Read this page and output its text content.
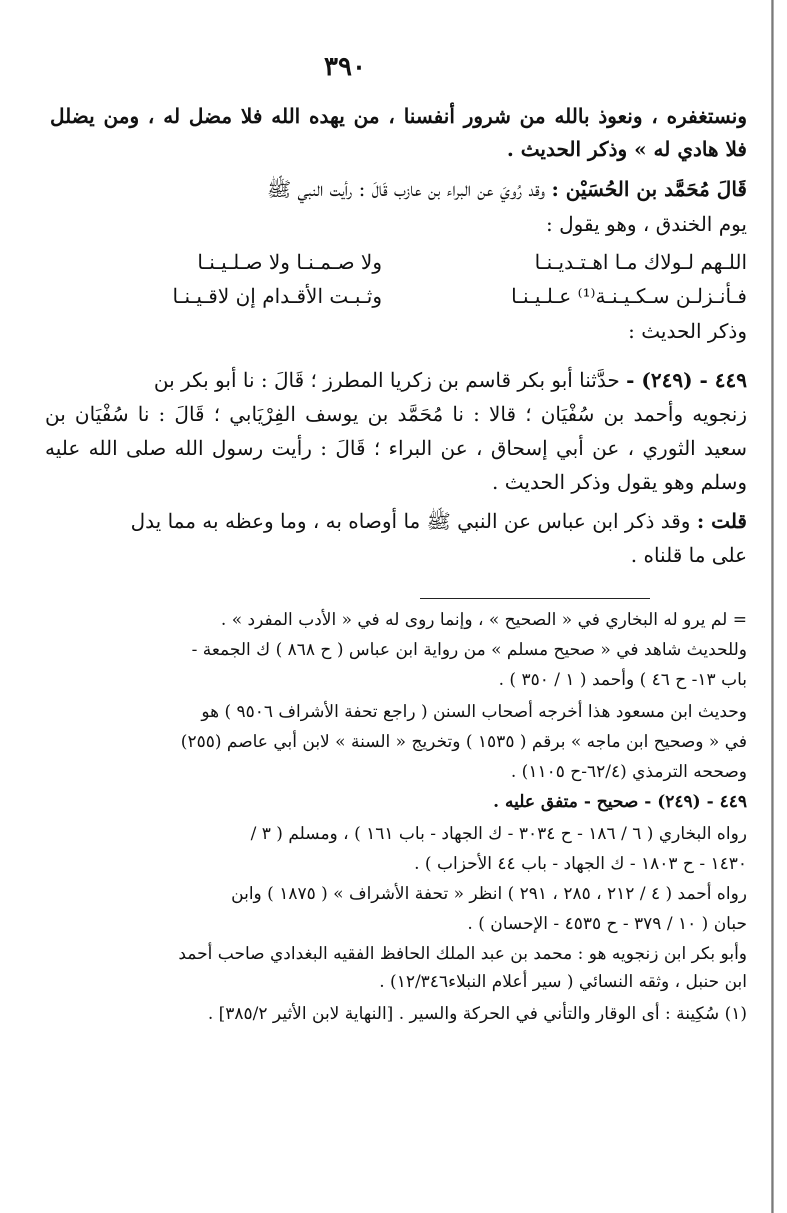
٣٩٠
ونستغفره ، ونعوذ بالله من شرور أنفسنا ، من يهده الله فلا مضل له ، ومن يضلل
فلا هادي له » وذكر الحديث .
قَالَ مُحَمَّد بن الحُسَيْن : وقد رُويَ عن البراء بن عازب قَالَ : رأيت النبي ﷺ
يوم الخندق ، وهو يقول :
اللـهم لـولاك مـا اهـتـديـنـا
ولا صـمـنـا ولا صـلـيـنـا
فـأنـزلـن سـكـيـنـة⁽¹⁾ عـلـيـنـا
وثـبـت الأقـدام إن لاقـيـنـا
وذكر الحديث :
٤٤٩ - (٢٤٩) - حدَّثنا أبو بكر قاسم بن زكريا المطرز ؛ قَالَ : نا أبو بكر بن
زنجويه وأحمد بن سُفْيَان ؛ قالا : نا مُحَمَّد بن يوسف الفِرْيَابي ؛ قَالَ : نا سُفْيَان بن
سعيد الثوري ، عن أبي إسحاق ، عن البراء ؛ قَالَ : رأيت رسول الله صلى الله عليه
وسلم وهو يقول وذكر الحديث .
قلت : وقد ذكر ابن عباس عن النبي ﷺ ما أوصاه به ، وما وعظه به مما يدل
على ما قلناه .
= لم يرو له البخاري في « الصحيح » ، وإنما روى له في « الأدب المفرد » .
وللحديث شاهد في « صحيح مسلم » من رواية ابن عباس ( ح ٨٦٨ ) ك الجمعة -
باب ١٣- ح ٤٦ ) وأحمد ( ١ / ٣٥٠ ) .
وحديث ابن مسعود هذا أخرجه أصحاب السنن ( راجع تحفة الأشراف ٩٥٠٦ ) هو
في « وصحيح ابن ماجه » برقم ( ١٥٣٥ ) وتخريج « السنة » لابن أبي عاصم (٢٥٥)
وصححه الترمذي (٦٢/٤-ح ١١٠٥) .
٤٤٩ - (٢٤٩) - صحيح - متفق عليه .
رواه البخاري ( ٦ / ١٨٦ - ح ٣٠٣٤ - ك الجهاد - باب ١٦١ ) ، ومسلم ( ٣ /
١٤٣٠ - ح ١٨٠٣ - ك الجهاد - باب ٤٤ الأحزاب ) .
رواه أحمد ( ٤ / ٢١٢ ، ٢٨٥ ، ٢٩١ ) انظر « تحفة الأشراف » ( ١٨٧٥ ) وابن
حبان ( ١٠ / ٣٧٩ - ح ٤٥٣٥ - الإحسان ) .
وأبو بكر ابن زنجويه هو : محمد بن عبد الملك الحافظ الفقيه البغدادي صاحب أحمد
ابن حنبل ، وثقه النسائي ( سير أعلام النبلاء١٢/٣٤٦) .
(١) سُكِينة : أى الوقار والتأني في الحركة والسير . [النهاية لابن الأثير ٣٨٥/٢] .
